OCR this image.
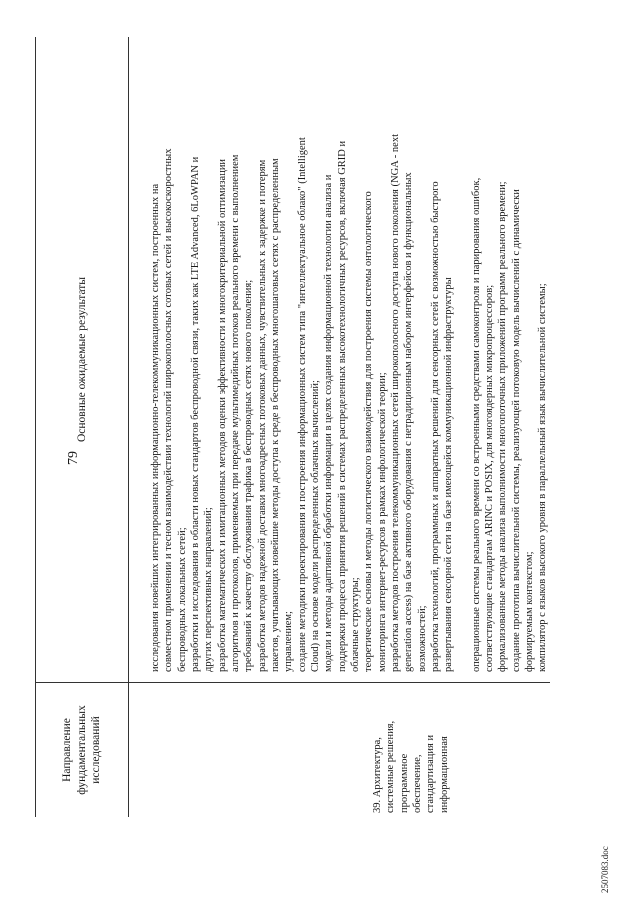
79
Направление
фундаментальных
исследований
Основные ожидаемые результаты
39. Архитектура,
системные решения,
программное
обеспечение,
стандартизация и
информационная
исследования новейших интегрированных информационно-телекоммуникационных систем, построенных на совместном применении и тесном взаимодействии технологий широкополосных сотовых сетей и высокоскоростных беспроводных локальных сетей; разработки и исследования в области новых стандартов беспроводной связи, таких как LTE Advanced, 6LoWPAN и других перспективных направлений; разработка математических и имитационных методов оценки эффективности и многокритериальной оптимизации алгоритмов и протоколов, применяемых при передаче мультимедийных потоков реального времени с выполнением требований к качеству обслуживания трафика в беспроводных сетях нового поколения; разработка методов надежной доставки многоадресных потоковых данных, чувствительных к задержке и потерям пакетов, учитывающих новейшие методы доступа к среде в беспроводных многошаговых сетях с распределенным управлением; создание методики проектирования и построения информационных систем типа "интеллектуальное облако" (Intelligent Cloud) на основе модели распределенных облачных вычислений; модели и методы адаптивной обработки информации в целях создания информационной технологии анализа и поддержки процесса принятия решений в системах распределенных высокотехнологичных ресурсов, включая GRID и облачные структуры; теоретические основы и методы логистического взаимодействия для построения системы онтологического мониторинга интернет-ресурсов в рамках инфологической теории; разработка методов построения телекоммуникационных сетей широкополосного доступа нового поколения (NGA - next generation access) на базе активного оборудования с нетрадиционным набором интерфейсов и функциональных возможностей; разработка технологий, программных и аппаратных решений для сенсорных сетей с возможностью быстрого развертывания сенсорной сети на базе имеющейся коммуникационной инфраструктуры операционные системы реального времени со встроенными средствами самоконтроля и парирования ошибок, соответствующие стандартам ARINC и POSIX, для многоядерных микропроцессоров; формализованные методы анализа выполнимости многопоточных приложений программ реального времени; создание прототипа вычислительной системы, реализующей потоковую модель вычислений с динамически формируемым контекстом; компилятор с языков высокого уровня в параллельный язык вычислительной системы;
2507083.doc
